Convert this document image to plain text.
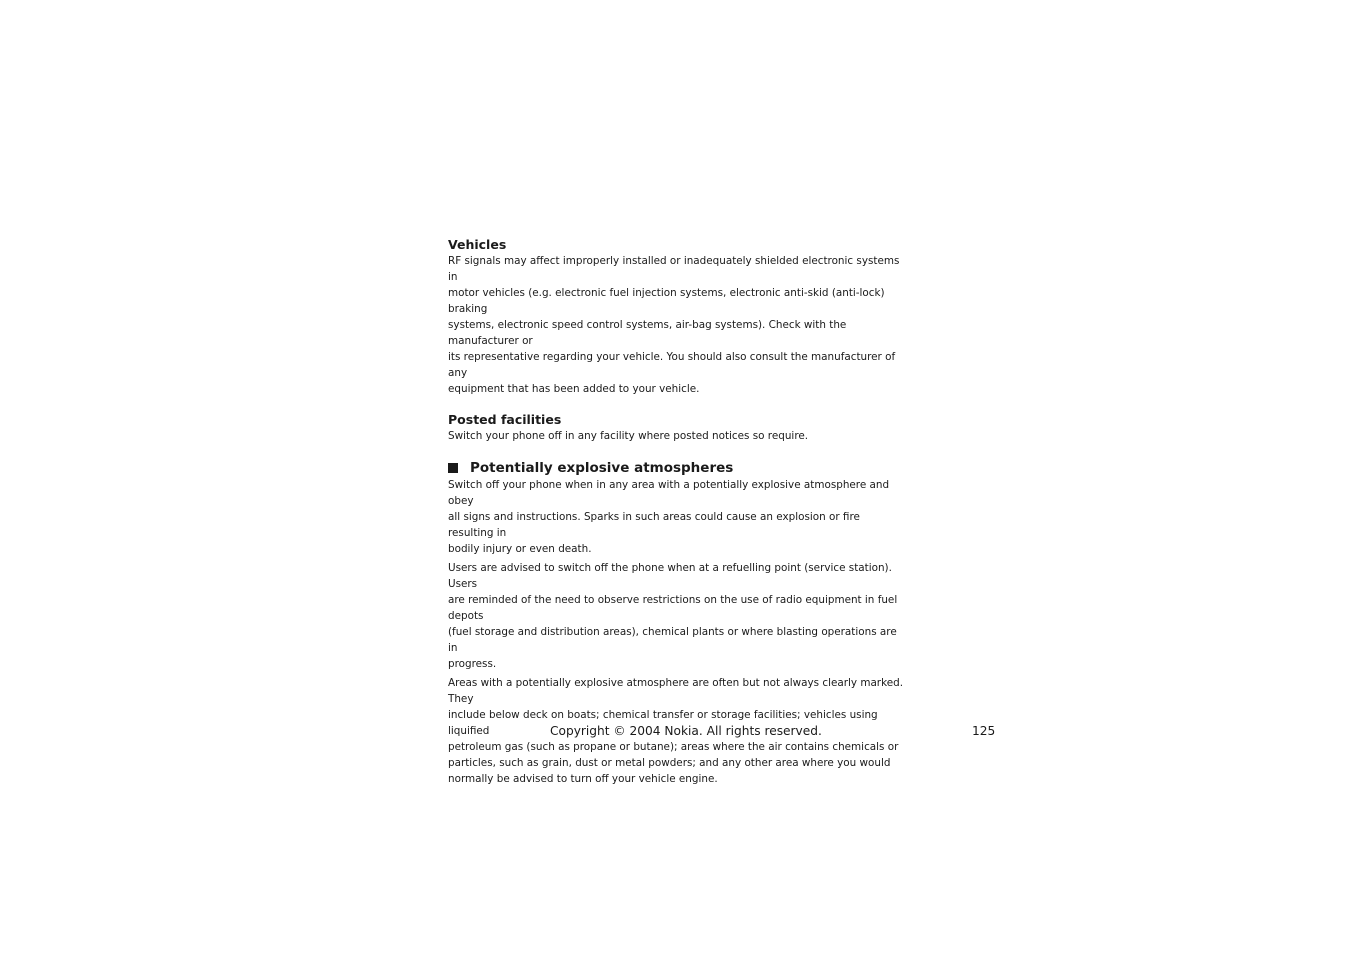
Vehicles
RF signals may affect improperly installed or inadequately shielded electronic systems in
motor vehicles (e.g. electronic fuel injection systems, electronic anti-skid (anti-lock) braking
systems, electronic speed control systems, air-bag systems). Check with the manufacturer or
its representative regarding your vehicle. You should also consult the manufacturer of any
equipment that has been added to your vehicle.
Posted facilities
Switch your phone off in any facility where posted notices so require.
Potentially explosive atmospheres
Switch off your phone when in any area with a potentially explosive atmosphere and obey
all signs and instructions. Sparks in such areas could cause an explosion or fire resulting in
bodily injury or even death.
Users are advised to switch off the phone when at a refuelling point (service station). Users
are reminded of the need to observe restrictions on the use of radio equipment in fuel depots
(fuel storage and distribution areas), chemical plants or where blasting operations are in
progress.
Areas with a potentially explosive atmosphere are often but not always clearly marked. They
include below deck on boats; chemical transfer or storage facilities; vehicles using liquified
petroleum gas (such as propane or butane); areas where the air contains chemicals or
particles, such as grain, dust or metal powders; and any other area where you would
normally be advised to turn off your vehicle engine.
Copyright © 2004 Nokia. All rights reserved.	125
